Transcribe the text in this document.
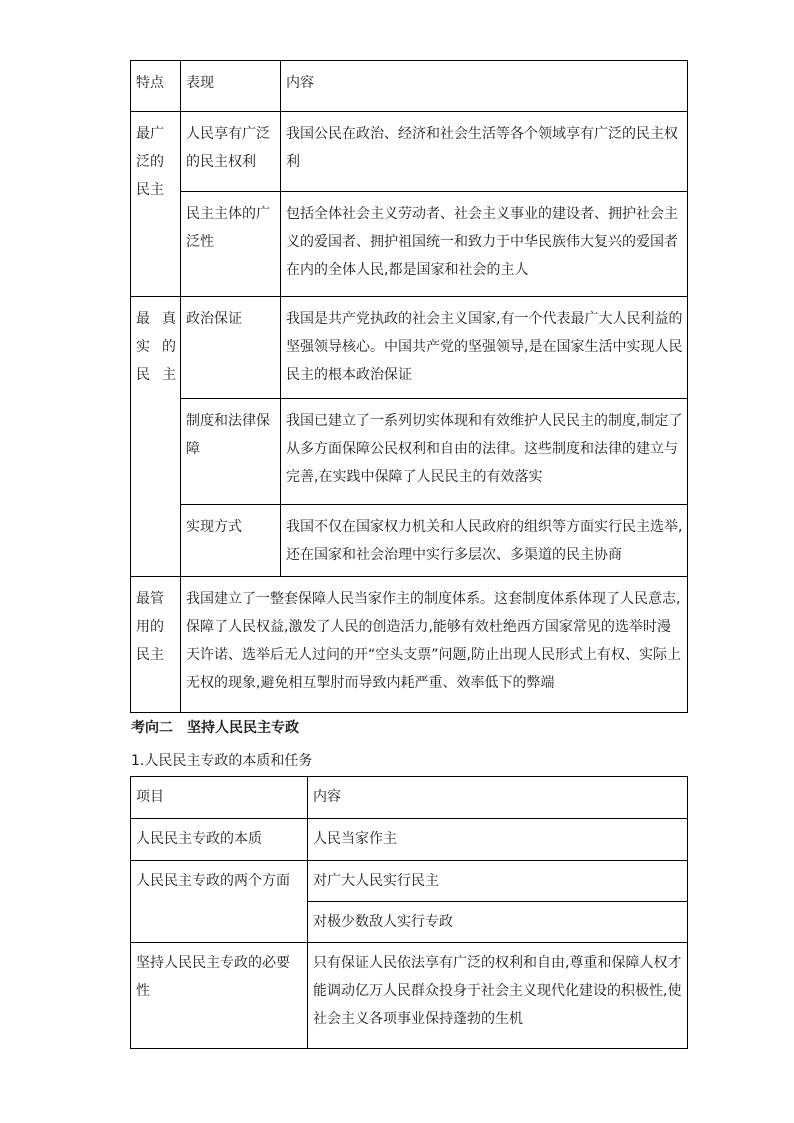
特点	表现	内容
最广泛的民主	人民享有广泛的民主权利	我国公民在政治、经济和社会生活等各个领域享有广泛的民主权利
	民主主体的广泛性	包括全体社会主义劳动者、社会主义事业的建设者、拥护社会主义的爱国者、拥护祖国统一和致力于中华民族伟大复兴的爱国者在内的全体人民,都是国家和社会的主人
最真实的民主	政治保证	我国是共产党执政的社会主义国家,有一个代表最广大人民利益的坚强领导核心。中国共产党的坚强领导,是在国家生活中实现人民民主的根本政治保证
	制度和法律保障	我国已建立了一系列切实体现和有效维护人民民主的制度,制定了从多方面保障公民权利和自由的法律。这些制度和法律的建立与完善,在实践中保障了人民民主的有效落实
	实现方式	我国不仅在国家权力机关和人民政府的组织等方面实行民主选举,还在国家和社会治理中实行多层次、多渠道的民主协商
最管用的民主	我国建立了一整套保障人民当家作主的制度体系。这套制度体系体现了人民意志,保障了人民权益,激发了人民的创造活力,能够有效杜绝西方国家常见的选举时漫天许诺、选举后无人过问的开“空头支票”问题,防止出现人民形式上有权、实际上无权的现象,避免相互掣肘而导致内耗严重、效率低下的弊端	
考向二　坚持人民民主专政
1.人民民主专政的本质和任务
项目	内容
人民民主专政的本质	人民当家作主
人民民主专政的两个方面	对广大人民实行民主
	对极少数敌人实行专政
坚持人民民主专政的必要性	只有保证人民依法享有广泛的权利和自由,尊重和保障人权才能调动亿万人民群众投身于社会主义现代化建设的积极性,使社会主义各项事业保持蓬勃的生机
